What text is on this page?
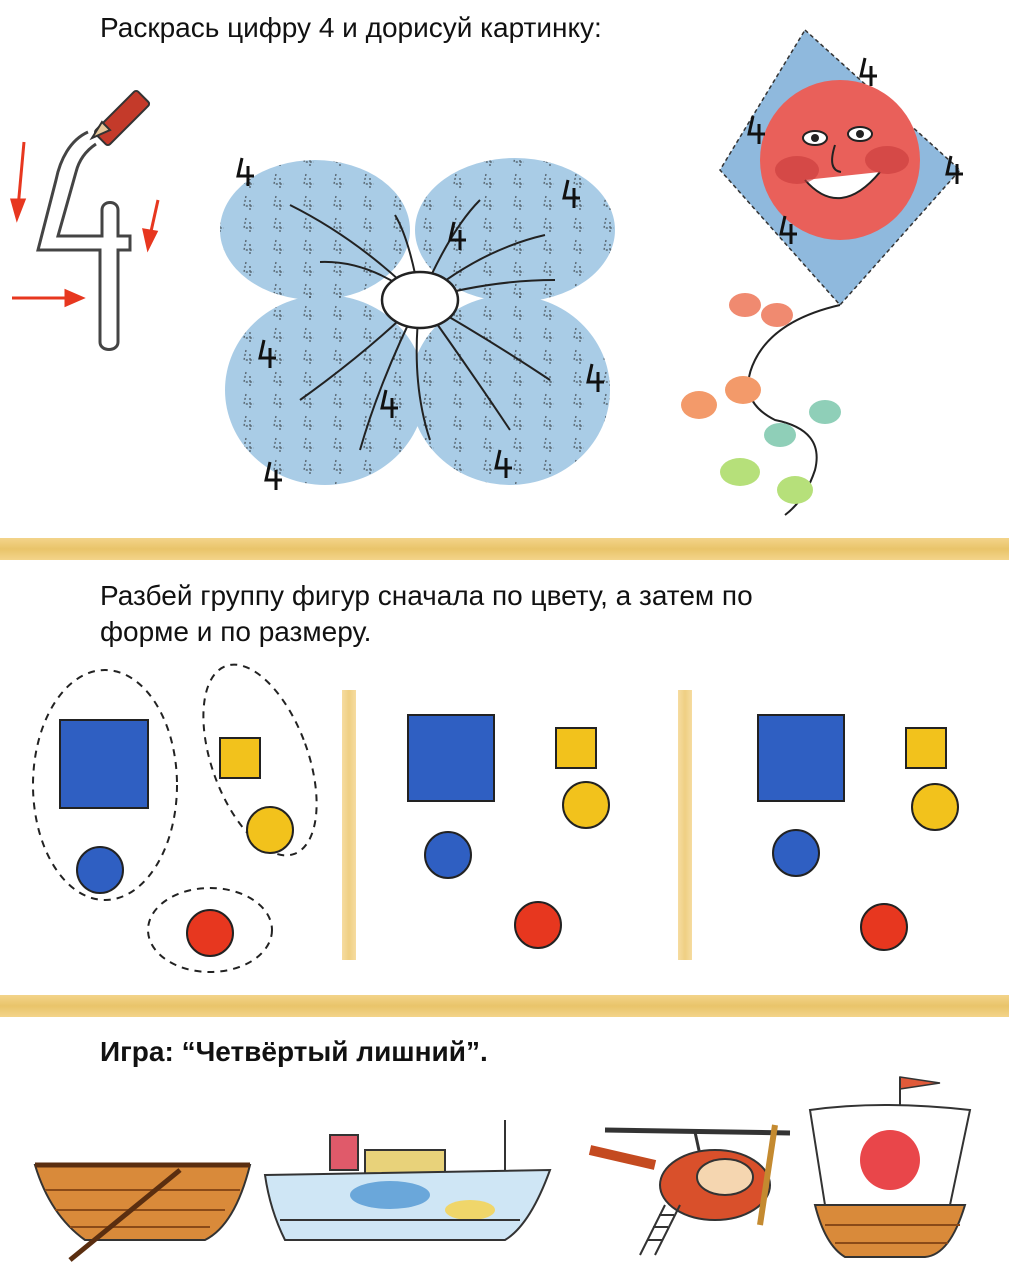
Раскрась цифру 4 и дорисуй картинку:
Разбей группу фигур сначала по цвету, а затем по
форме и по размеру.
Игра: “Четвёртый лишний”.
